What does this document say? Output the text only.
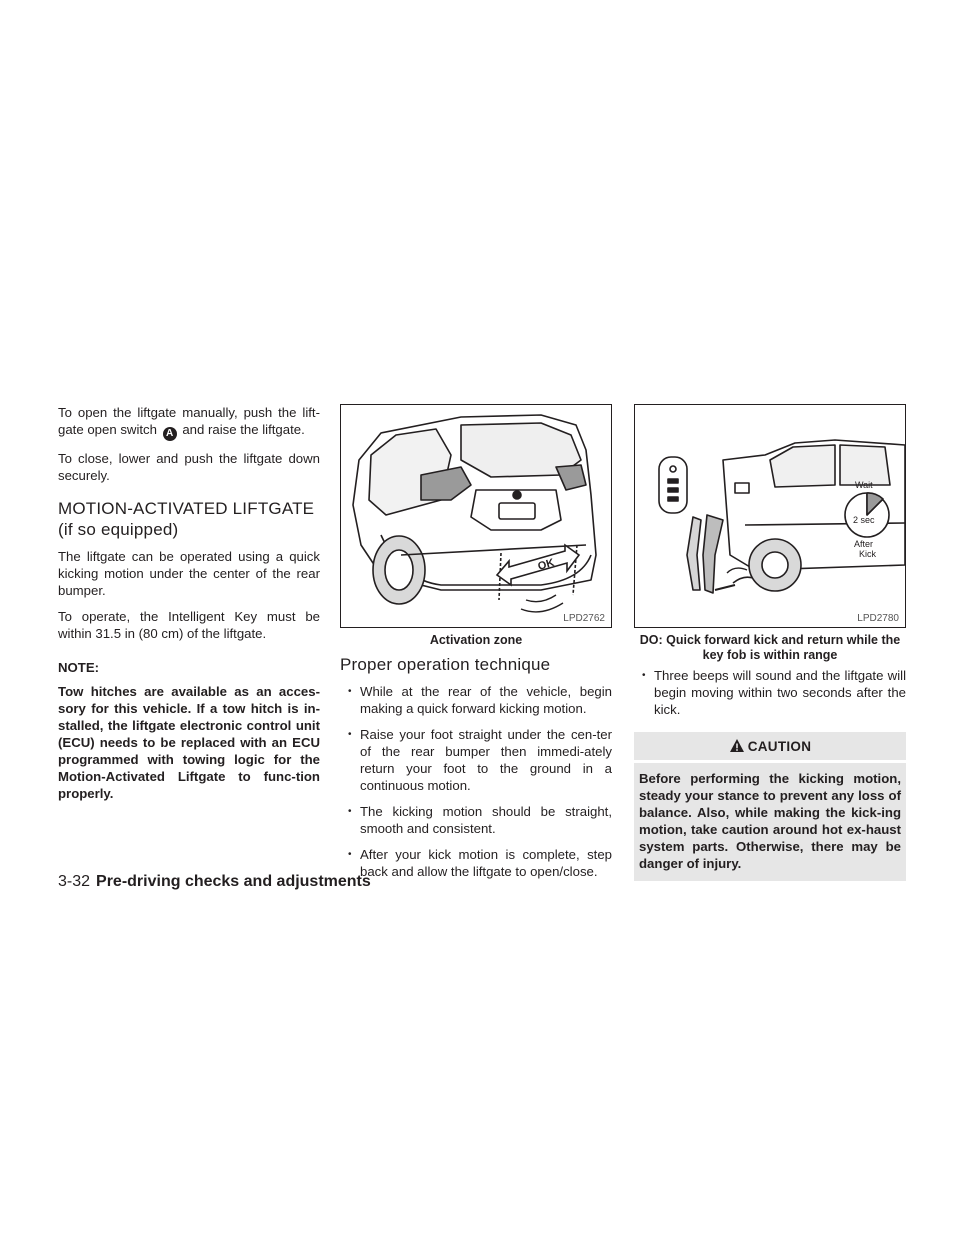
To open the liftgate manually, push the lift-gate open switch A and raise the liftgate.

To close, lower and push the liftgate down securely.

MOTION-ACTIVATED LIFTGATE (if so equipped)

The liftgate can be operated using a quick kicking motion under the center of the rear bumper.

To operate, the Intelligent Key must be within 31.5 in (80 cm) of the liftgate.

NOTE:
Tow hitches are available as an acces-sory for this vehicle. If a tow hitch is in-stalled, the liftgate electronic control unit (ECU) needs to be replaced with an ECU programmed with towing logic for the Motion-Activated Liftgate to func-tion properly.
OK
LPD2762
Activation zone
Proper operation technique
• While at the rear of the vehicle, begin making a quick forward kicking motion.
• Raise your foot straight under the cen-ter of the rear bumper then immedi-ately return your foot to the ground in a continuous motion.
• The kicking motion should be straight, smooth and consistent.
• After your kick motion is complete, step back and allow the liftgate to open/close.
Wait
2 sec
After
Kick
LPD2780
DO: Quick forward kick and return while the key fob is within range
• Three beeps will sound and the liftgate will begin moving within two seconds after the kick.
CAUTION
Before performing the kicking motion, steady your stance to prevent any loss of balance. Also, while making the kick-ing motion, take caution around hot ex-haust system parts. Otherwise, there may be danger of injury.
3-32 Pre-driving checks and adjustments
